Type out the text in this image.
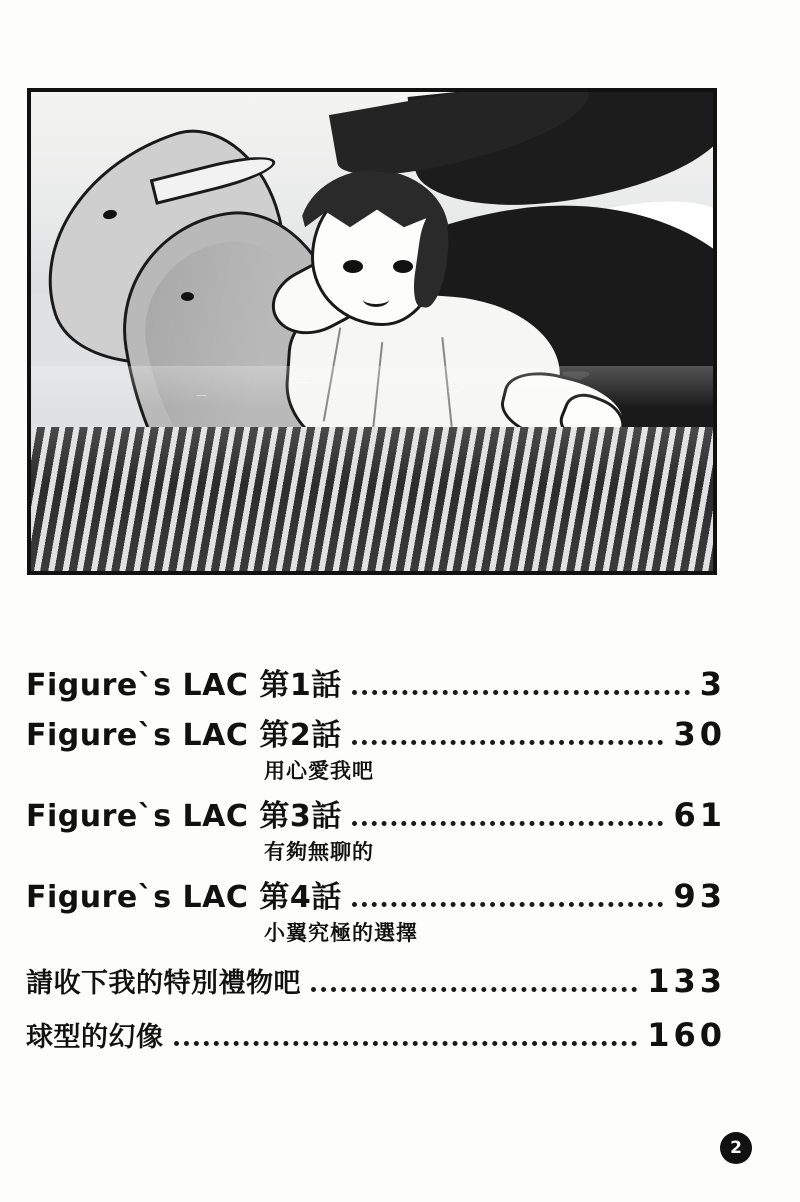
Figure`s LAC 第1話	3
Figure`s LAC 第2話	30
用心愛我吧
Figure`s LAC 第3話	61
有夠無聊的
Figure`s LAC 第4話	93
小翼究極的選擇
請收下我的特別禮物吧	133
球型的幻像	160
2
